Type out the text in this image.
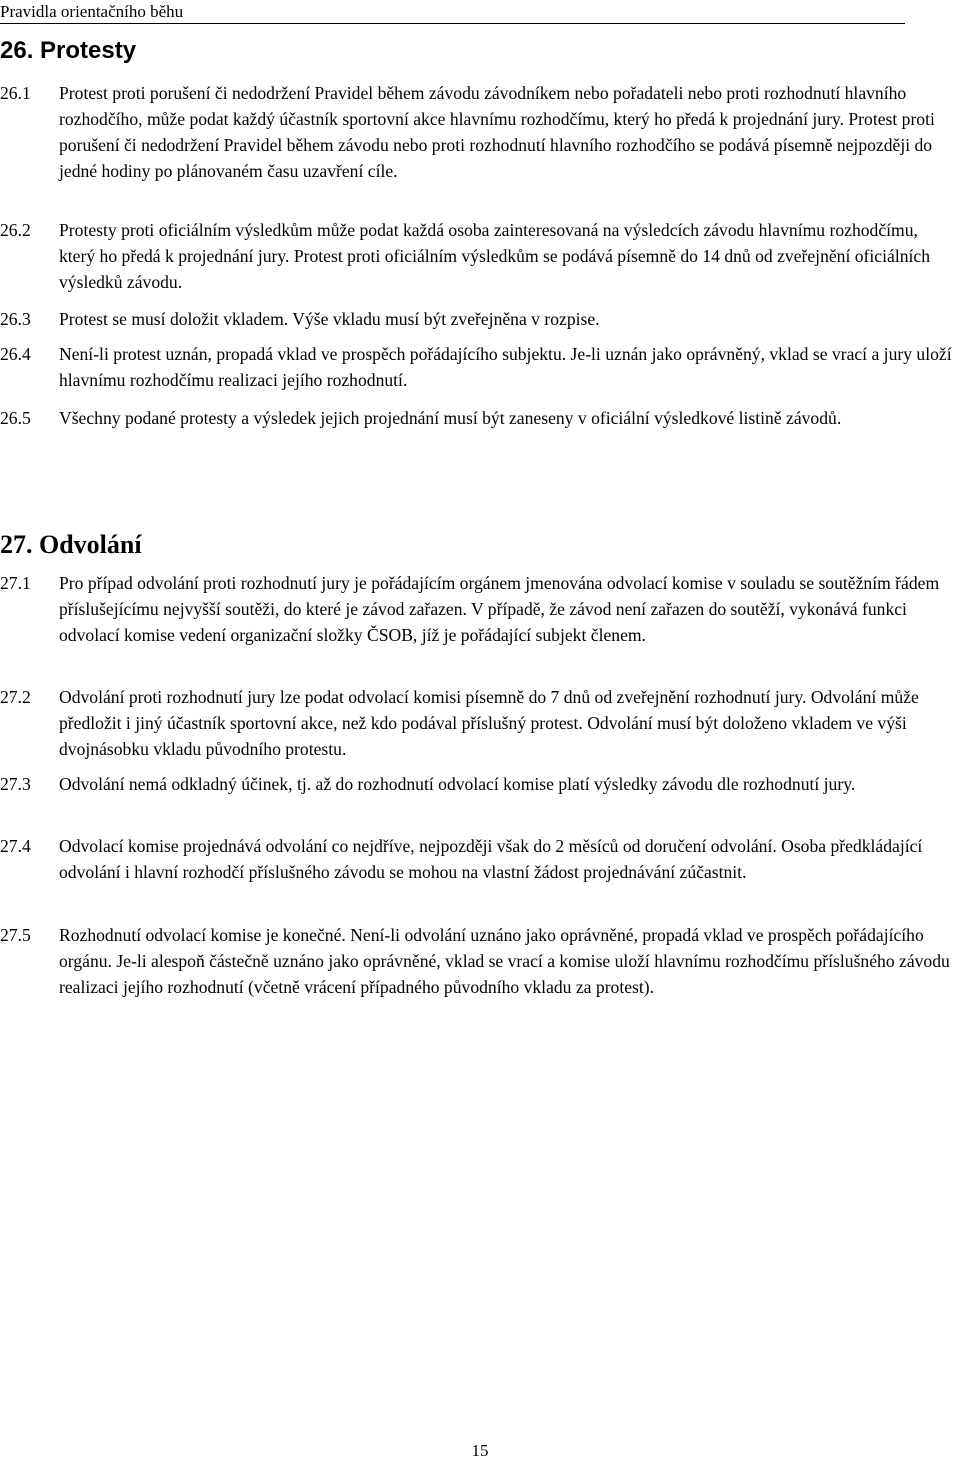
Pravidla orientačního běhu
26. Protesty
26.1 Protest proti porušení či nedodržení Pravidel během závodu závodníkem nebo pořadateli nebo proti rozhodnutí hlavního rozhodčího, může podat každý účastník sportovní akce hlavnímu rozhodčímu, který ho předá k projednání jury. Protest proti porušení či nedodržení Pravidel během závodu nebo proti rozhodnutí hlavního rozhodčího se podává písemně nejpozději do jedné hodiny po plánovaném času uzavření cíle.
26.2 Protesty proti oficiálním výsledkům může podat každá osoba zainteresovaná na výsledcích závodu hlavnímu rozhodčímu, který ho předá k projednání jury. Protest proti oficiálním výsledkům se podává písemně do 14 dnů od zveřejnění oficiálních výsledků závodu.
26.3 Protest se musí doložit vkladem. Výše vkladu musí být zveřejněna v rozpise.
26.4 Není-li protest uznán, propadá vklad ve prospěch pořádajícího subjektu. Je-li uznán jako oprávněný, vklad se vrací a jury uloží hlavnímu rozhodčímu realizaci jejího rozhodnutí.
26.5 Všechny podané protesty a výsledek jejich projednání musí být zaneseny v oficiální výsledkové listině závodů.
27. Odvolání
27.1 Pro případ odvolání proti rozhodnutí jury je pořádajícím orgánem jmenována odvolací komise v souladu se soutěžním řádem příslušejícímu nejvyšší soutěži, do které je závod zařazen. V případě, že závod není zařazen do soutěží, vykonává funkci odvolací komise vedení organizační složky ČSOB, jíž je pořádající subjekt členem.
27.2 Odvolání proti rozhodnutí jury lze podat odvolací komisi písemně do 7 dnů od zveřejnění rozhodnutí jury. Odvolání může předložit i jiný účastník sportovní akce, než kdo podával příslušný protest. Odvolání musí být doloženo vkladem ve výši dvojnásobku vkladu původního protestu.
27.3 Odvolání nemá odkladný účinek, tj. až do rozhodnutí odvolací komise platí výsledky závodu dle rozhodnutí jury.
27.4 Odvolací komise projednává odvolání co nejdříve, nejpozději však do 2 měsíců od doručení odvolání. Osoba předkládající odvolání i hlavní rozhodčí příslušného závodu se mohou na vlastní žádost projednávání zúčastnit.
27.5 Rozhodnutí odvolací komise je konečné. Není-li odvolání uznáno jako oprávněné, propadá vklad ve prospěch pořádajícího orgánu. Je-li alespoň částečně uznáno jako oprávněné, vklad se vrací a komise uloží hlavnímu rozhodčímu příslušného závodu realizaci jejího rozhodnutí (včetně vrácení případného původního vkladu za protest).
15
